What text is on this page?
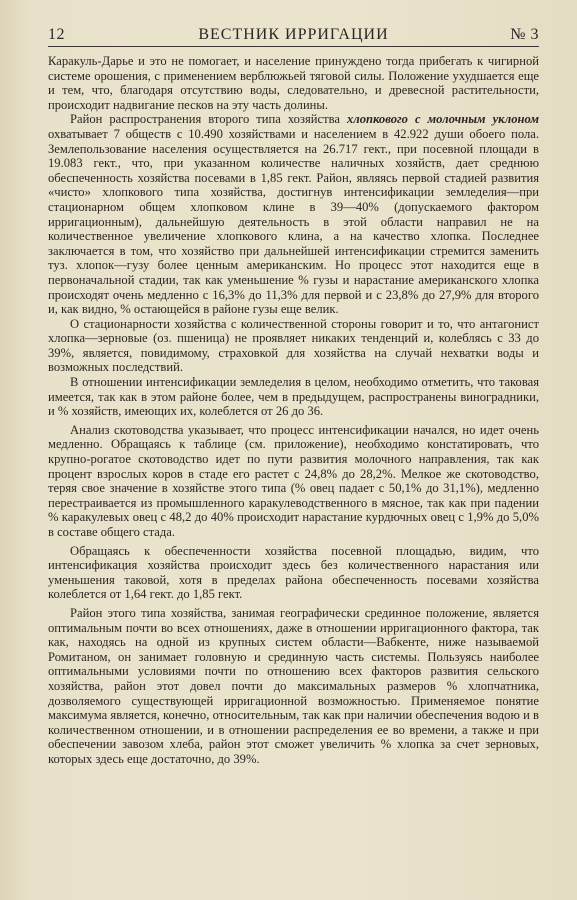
12	ВЕСТНИК ИРРИГАЦИИ	№ 3

Каракуль-Дарье и это не помогает, и население принуждено тогда прибегать к чигирной системе орошения, с применением верблюжьей тяговой силы. Положение ухудшается еще и тем, что, благодаря отсутствию воды, следовательно, и древесной растительности, происходит надвигание песков на эту часть долины.

Район распространения второго типа хозяйства хлопкового с молочным уклоном охватывает 7 обществ с 10.490 хозяйствами и населением в 42.922 души обоего пола. Землепользование населения осуществляется на 26.717 гект., при посевной площади в 19.083 гект., что, при указанном количестве наличных хозяйств, дает среднюю обеспеченность хозяйства посевами в 1,85 гект. Район, являясь первой стадией развития «чисто» хлопкового типа хозяйства, достигнув интенсификации земледелия—при стационарном общем хлопковом клине в 39—40% (допускаемого фактором ирригационным), дальнейшую деятельность в этой области направил не на количественное увеличение хлопкового клина, а на качество хлопка. Последнее заключается в том, что хозяйство при дальнейшей интенсификации стремится заменить туз. хлопок—гузу более ценным американским. Но процесс этот находится еще в первоначальной стадии, так как уменьшение % гузы и нарастание американского хлопка происходят очень медленно с 16,3% до 11,3% для первой и с 23,8% до 27,9% для второго и, как видно, % остающейся в районе гузы еще велик.

О стационарности хозяйства с количественной стороны говорит и то, что антагонист хлопка—зерновые (оз. пшеница) не проявляет никаких тенденций и, колеблясь с 33 до 39%, является, повидимому, страховкой для хозяйства на случай нехватки воды и возможных последствий.

В отношении интенсификации земледелия в целом, необходимо отметить, что таковая имеется, так как в этом районе более, чем в предыдущем, распространены виноградники, и % хозяйств, имеющих их, колеблется от 26 до 36.

Анализ скотоводства указывает, что процесс интенсификации начался, но идет очень медленно. Обращаясь к таблице (см. приложение), необходимо констатировать, что крупно-рогатое скотоводство идет по пути развития молочного направления, так как процент взрослых коров в стаде его растет с 24,8% до 28,2%. Мелкое же скотоводство, теряя свое значение в хозяйстве этого типа (% овец падает с 50,1% до 31,1%), медленно перестраивается из промышленного каракулеводственного в мясное, так как при падении % каракулевых овец с 48,2 до 40% происходит нарастание курдючных овец с 1,9% до 5,0% в составе общего стада.

Обращаясь к обеспеченности хозяйства посевной площадью, видим, что интенсификация хозяйства происходит здесь без количественного нарастания или уменьшения таковой, хотя в пределах района обеспеченность посевами хозяйства колеблется от 1,64 гект. до 1,85 гект.

Район этого типа хозяйства, занимая географически срединное положение, является оптимальным почти во всех отношениях, даже в отношении ирригационного фактора, так как, находясь на одной из крупных систем области—Вабкенте, ниже называемой Ромитаном, он занимает головную и срединную часть системы. Пользуясь наиболее оптимальными условиями почти по отношению всех факторов развития сельского хозяйства, район этот довел почти до максимальных размеров % хлопчатника, дозволяемого существующей ирригационной возможностью. Применяемое понятие максимума является, конечно, относительным, так как при наличии обеспечения водою и в количественном отношении, и в отношении распределения ее во времени, а также и при обеспечении завозом хлеба, район этот сможет увеличить % хлопка за счет зерновых, которых здесь еще достаточно, до 39%.
